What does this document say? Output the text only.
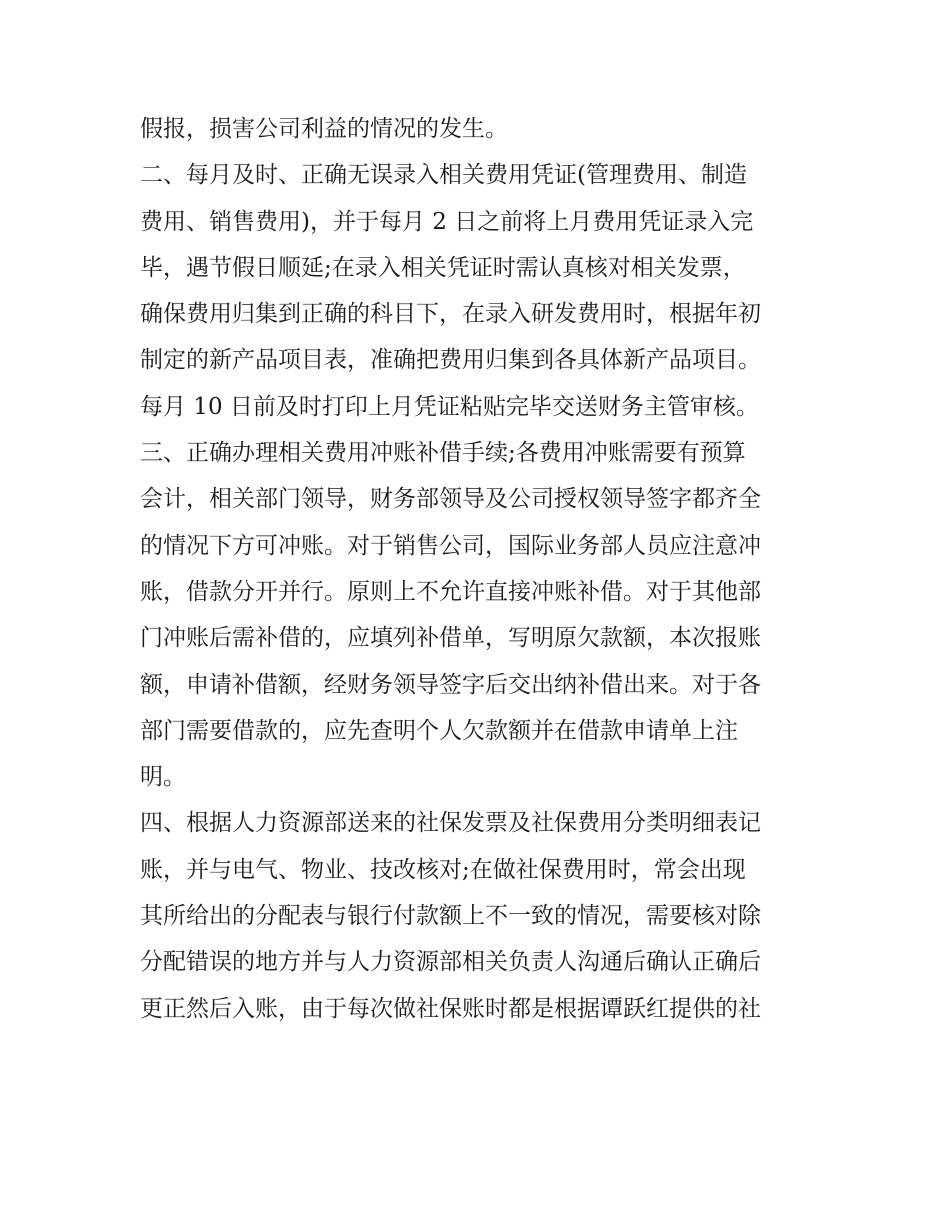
假报，损害公司利益的情况的发生。
二、每月及时、正确无误录入相关费用凭证(管理费用、制造
费用、销售费用)，并于每月 2 日之前将上月费用凭证录入完
毕，遇节假日顺延;在录入相关凭证时需认真核对相关发票，
确保费用归集到正确的科目下，在录入研发费用时，根据年初
制定的新产品项目表，准确把费用归集到各具体新产品项目。
每月 10 日前及时打印上月凭证粘贴完毕交送财务主管审核。
三、正确办理相关费用冲账补借手续;各费用冲账需要有预算
会计，相关部门领导，财务部领导及公司授权领导签字都齐全
的情况下方可冲账。对于销售公司，国际业务部人员应注意冲
账，借款分开并行。原则上不允许直接冲账补借。对于其他部
门冲账后需补借的，应填列补借单，写明原欠款额，本次报账
额，申请补借额，经财务领导签字后交出纳补借出来。对于各
部门需要借款的，应先查明个人欠款额并在借款申请单上注
明。
四、根据人力资源部送来的社保发票及社保费用分类明细表记
账，并与电气、物业、技改核对;在做社保费用时，常会出现
其所给出的分配表与银行付款额上不一致的情况，需要核对除
分配错误的地方并与人力资源部相关负责人沟通后确认正确后
更正然后入账，由于每次做社保账时都是根据谭跃红提供的社
